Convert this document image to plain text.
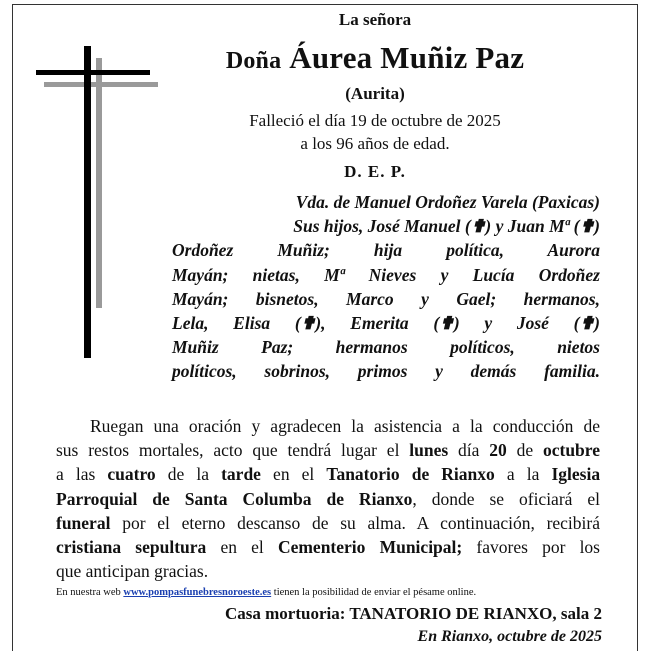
La señora
Doña Áurea Muñiz Paz
(Aurita)
Falleció el día 19 de octubre de 2025
a los 96 años de edad.
D. E. P.
Vda. de Manuel Ordoñez Varela (Paxicas)
Sus hijos, José Manuel (✟) y Juan Mª (✟)
Ordoñez Muñiz; hija política, Aurora
Mayán; nietas, Mª Nieves y Lucía Ordoñez
Mayán; bisnetos, Marco y Gael; hermanos,
Lela, Elisa (✟), Emerita (✟) y José (✟)
Muñiz Paz; hermanos políticos, nietos
políticos, sobrinos, primos y demás familia.
Ruegan una oración y agradecen la asistencia a la conducción de
sus restos mortales, acto que tendrá lugar el lunes día 20 de octubre
a las cuatro de la tarde en el Tanatorio de Rianxo a la Iglesia
Parroquial de Santa Columba de Rianxo, donde se oficiará el
funeral por el eterno descanso de su alma. A continuación, recibirá
cristiana sepultura en el Cementerio Municipal; favores por los
que anticipan gracias.
En nuestra web www.pompasfunebresnoroeste.es tienen la posibilidad de enviar el pésame online.
Casa mortuoria: TANATORIO DE RIANXO, sala 2
En Rianxo, octubre de 2025
